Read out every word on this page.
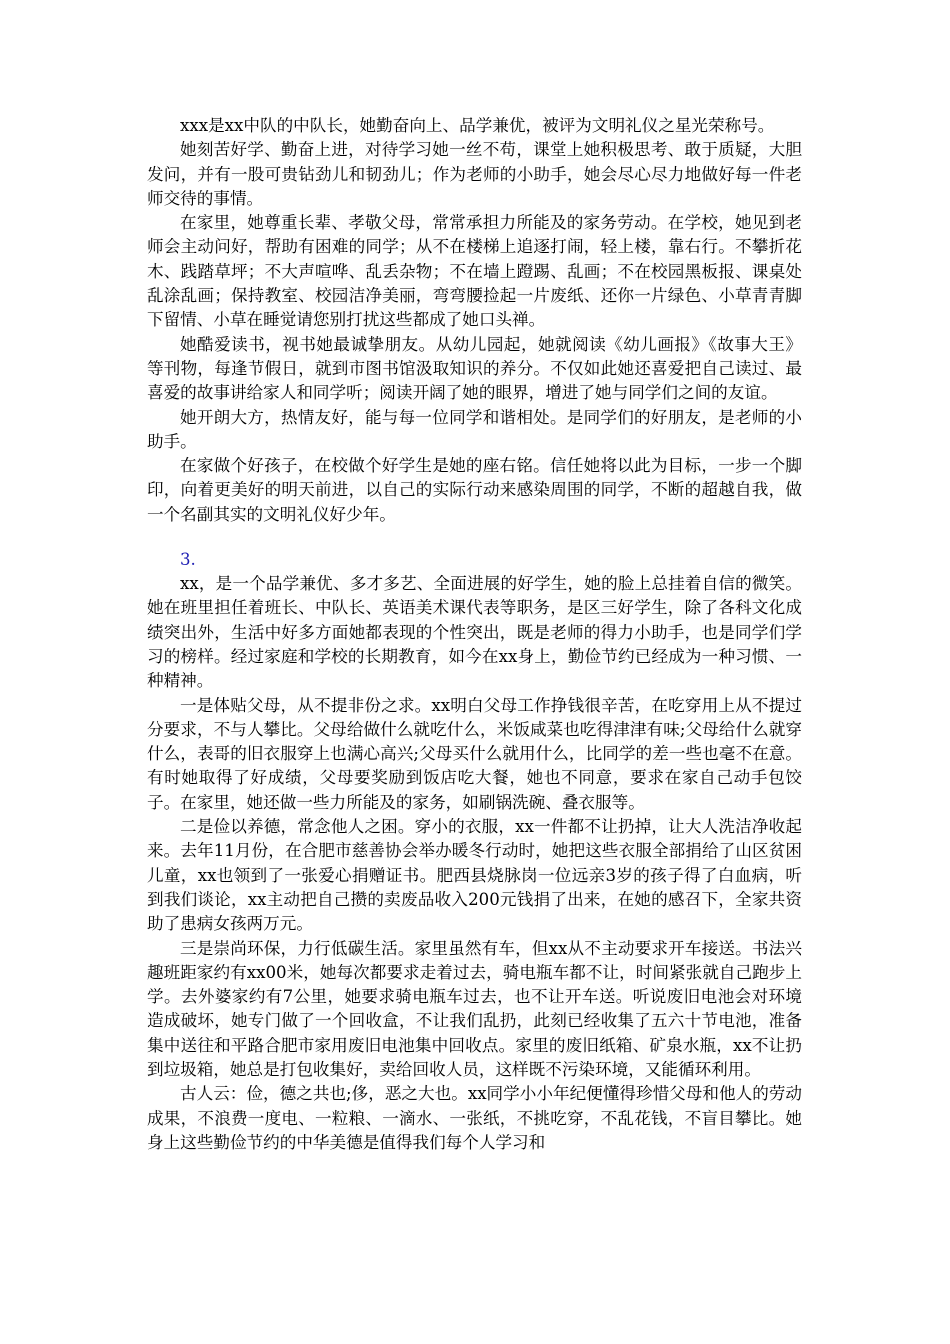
xxx是xx中队的中队长，她勤奋向上、品学兼优，被评为文明礼仪之星光荣称号。

她刻苦好学、勤奋上进，对待学习她一丝不苟，课堂上她积极思考、敢于质疑，大胆发问，并有一股可贵钻劲儿和韧劲儿；作为老师的小助手，她会尽心尽力地做好每一件老师交待的事情。

在家里，她尊重长辈、孝敬父母，常常承担力所能及的家务劳动。在学校，她见到老师会主动问好，帮助有困难的同学；从不在楼梯上追逐打闹，轻上楼，靠右行。不攀折花木、践踏草坪；不大声喧哗、乱丢杂物；不在墙上蹬踢、乱画；不在校园黑板报、课桌处乱涂乱画；保持教室、校园洁净美丽，弯弯腰捡起一片废纸、还你一片绿色、小草青青脚下留情、小草在睡觉请您别打扰这些都成了她口头禅。

她酷爱读书，视书她最诚挚朋友。从幼儿园起，她就阅读《幼儿画报》《故事大王》等刊物，每逢节假日，就到市图书馆汲取知识的养分。不仅如此她还喜爱把自己读过、最喜爱的故事讲给家人和同学听；阅读开阔了她的眼界，增进了她与同学们之间的友谊。

她开朗大方，热情友好，能与每一位同学和谐相处。是同学们的好朋友，是老师的小助手。

在家做个好孩子，在校做个好学生是她的座右铭。信任她将以此为目标，一步一个脚印，向着更美好的明天前进，以自己的实际行动来感染周围的同学，不断的超越自我，做一个名副其实的文明礼仪好少年。

3.

xx，是一个品学兼优、多才多艺、全面进展的好学生，她的脸上总挂着自信的微笑。她在班里担任着班长、中队长、英语美术课代表等职务，是区三好学生，除了各科文化成绩突出外，生活中好多方面她都表现的个性突出，既是老师的得力小助手，也是同学们学习的榜样。经过家庭和学校的长期教育，如今在xx身上，勤俭节约已经成为一种习惯、一种精神。

一是体贴父母，从不提非份之求。xx明白父母工作挣钱很辛苦，在吃穿用上从不提过分要求，不与人攀比。父母给做什么就吃什么，米饭咸菜也吃得津津有味;父母给什么就穿什么，表哥的旧衣服穿上也满心高兴;父母买什么就用什么，比同学的差一些也毫不在意。有时她取得了好成绩，父母要奖励到饭店吃大餐，她也不同意，要求在家自己动手包饺子。在家里，她还做一些力所能及的家务，如刷锅洗碗、叠衣服等。

二是俭以养德，常念他人之困。穿小的衣服，xx一件都不让扔掉，让大人洗洁净收起来。去年11月份，在合肥市慈善协会举办暖冬行动时，她把这些衣服全部捐给了山区贫困儿童，xx也领到了一张爱心捐赠证书。肥西县烧脉岗一位远亲3岁的孩子得了白血病，听到我们谈论，xx主动把自己攒的卖废品收入200元钱捐了出来，在她的感召下，全家共资助了患病女孩两万元。

三是崇尚环保，力行低碳生活。家里虽然有车，但xx从不主动要求开车接送。书法兴趣班距家约有xx00米，她每次都要求走着过去，骑电瓶车都不让，时间紧张就自己跑步上学。去外婆家约有7公里，她要求骑电瓶车过去，也不让开车送。听说废旧电池会对环境造成破坏，她专门做了一个回收盒，不让我们乱扔，此刻已经收集了五六十节电池，准备集中送往和平路合肥市家用废旧电池集中回收点。家里的废旧纸箱、矿泉水瓶，xx不让扔到垃圾箱，她总是打包收集好，卖给回收人员，这样既不污染环境，又能循环利用。

古人云：俭，德之共也;侈，恶之大也。xx同学小小年纪便懂得珍惜父母和他人的劳动成果，不浪费一度电、一粒粮、一滴水、一张纸，不挑吃穿，不乱花钱，不盲目攀比。她身上这些勤俭节约的中华美德是值得我们每个人学习和
